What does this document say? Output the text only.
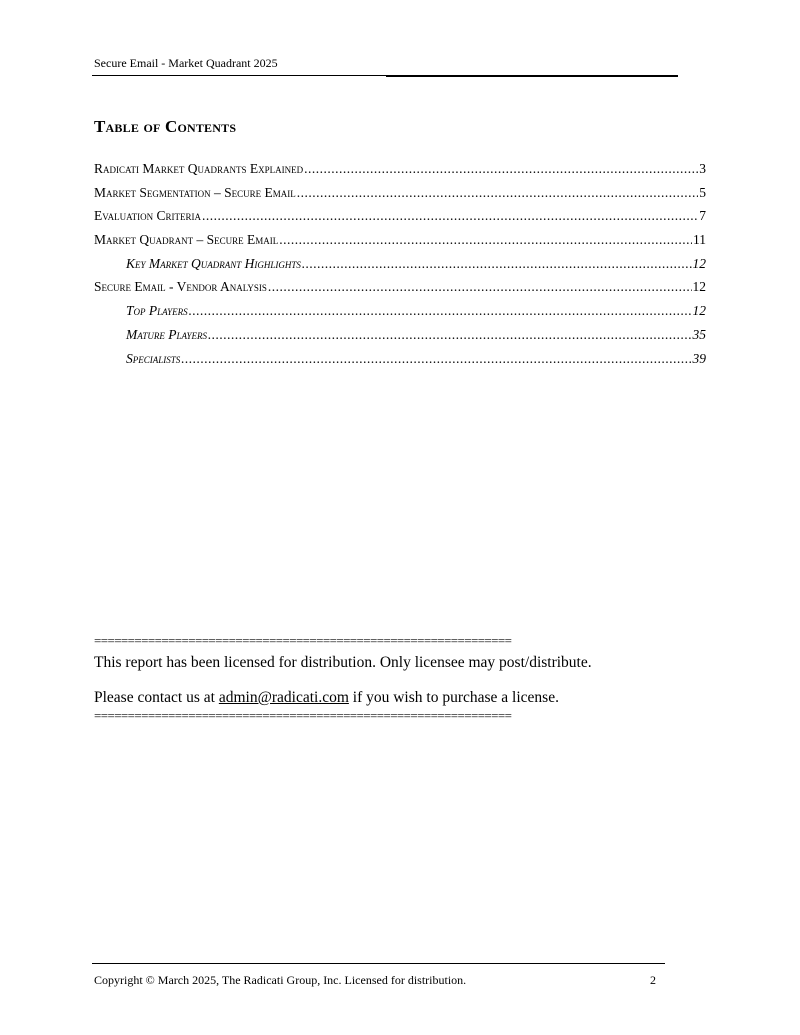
Secure Email - Market Quadrant 2025
Table of Contents
Radicati Market Quadrants Explained .....	3
Market Segmentation – Secure Email .....	5
Evaluation Criteria .....	7
Market Quadrant – Secure Email .....	11
Key Market Quadrant Highlights .....	12
Secure Email - Vendor Analysis .....	12
Top Players .....	12
Mature Players .....	35
Specialists .....	39
==============================================================
This report has been licensed for distribution. Only licensee may post/distribute.
Please contact us at admin@radicati.com if you wish to purchase a license.
==============================================================
Copyright © March 2025, The Radicati Group, Inc. Licensed for distribution.	2
